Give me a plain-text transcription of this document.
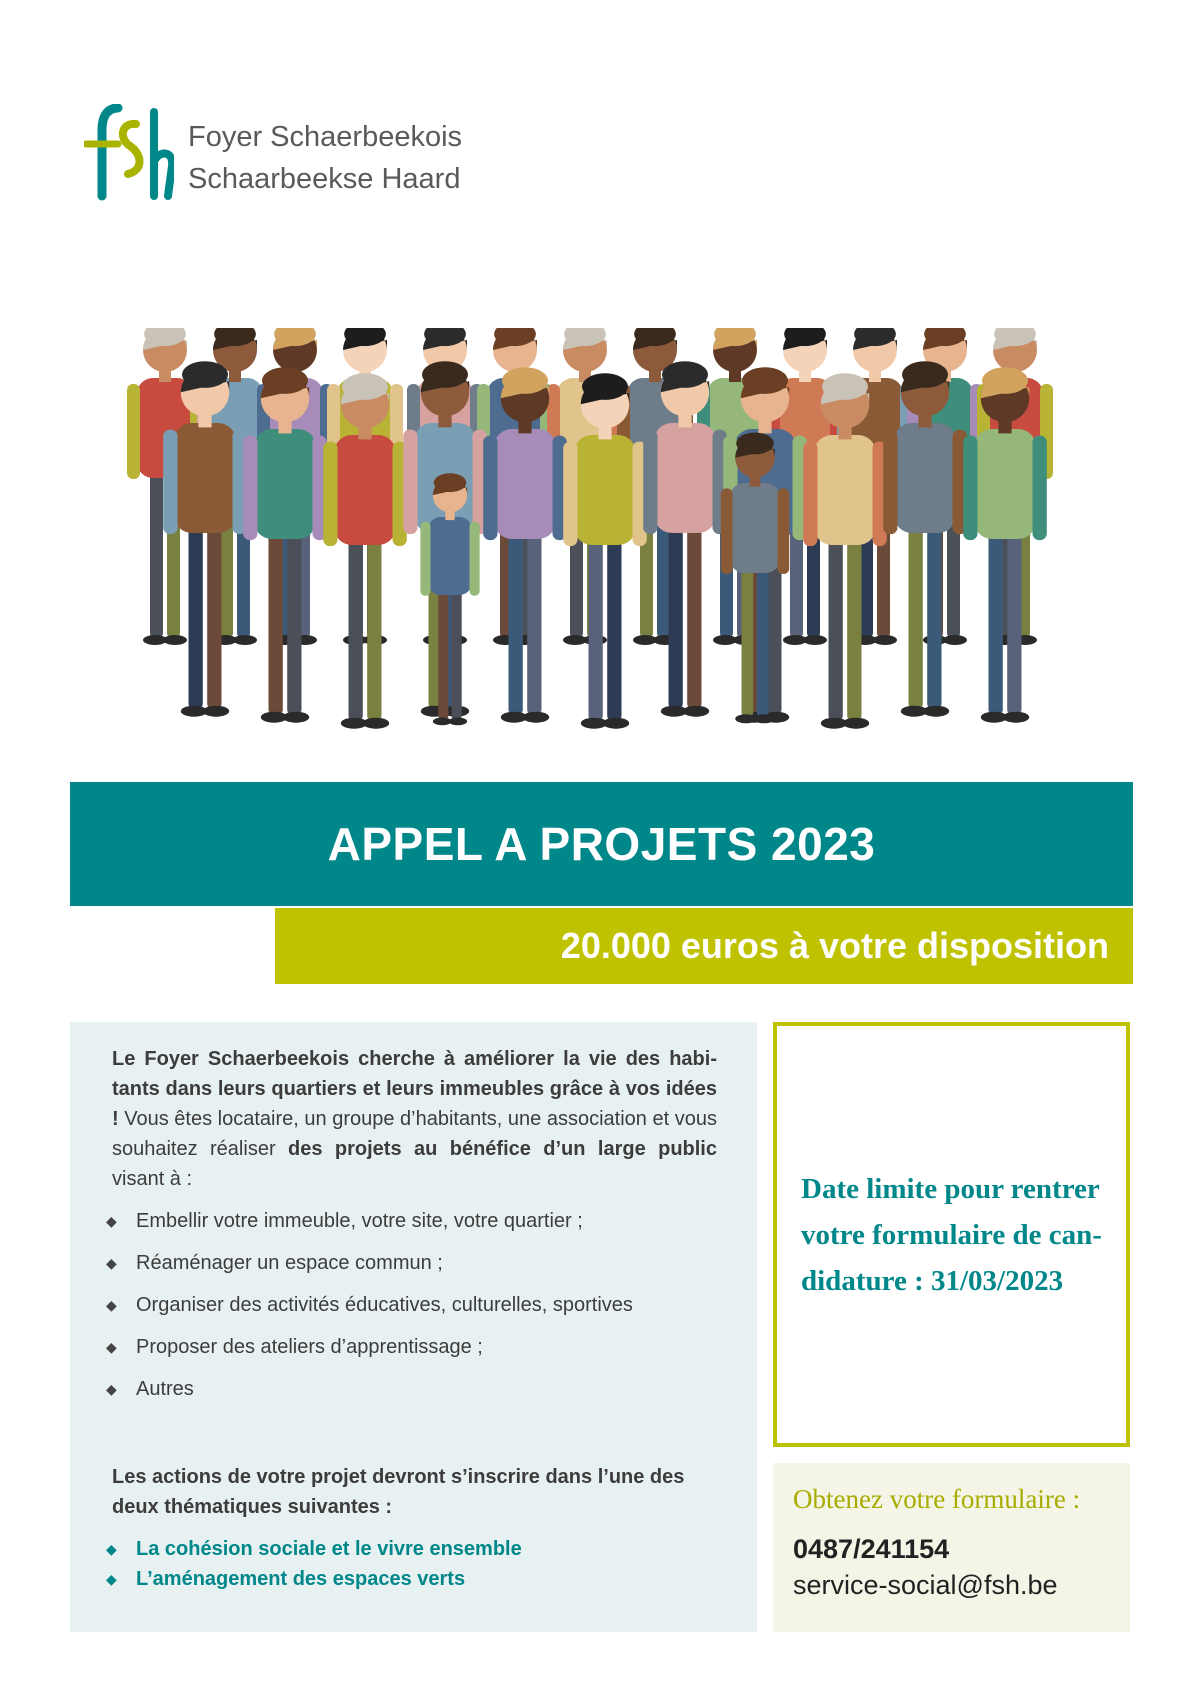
Foyer Schaerbeekois
Schaarbeekse Haard
APPEL A PROJETS 2023
20.000 euros à votre disposition

Le Foyer Schaerbeekois cherche à améliorer la vie des habitants dans leurs quartiers et leurs immeubles grâce à vos idées ! Vous êtes locataire, un groupe d’habitants, une association et vous souhaitez réaliser des projets au bénéfice d’un large public visant à :

◆ Embellir votre immeuble, votre site, votre quartier ;
◆ Réaménager un espace commun ;
◆ Organiser des activités éducatives, culturelles, sportives
◆ Proposer des ateliers d’apprentissage ;
◆ Autres

Les actions de votre projet devront s’inscrire dans l’une des deux thématiques suivantes :

◆ La cohésion sociale et le vivre ensemble
◆ L’aménagement des espaces verts
Date limite pour rentrer votre formulaire de candidature : 31/03/2023
Obtenez votre formulaire :
0487/241154
service-social@fsh.be
